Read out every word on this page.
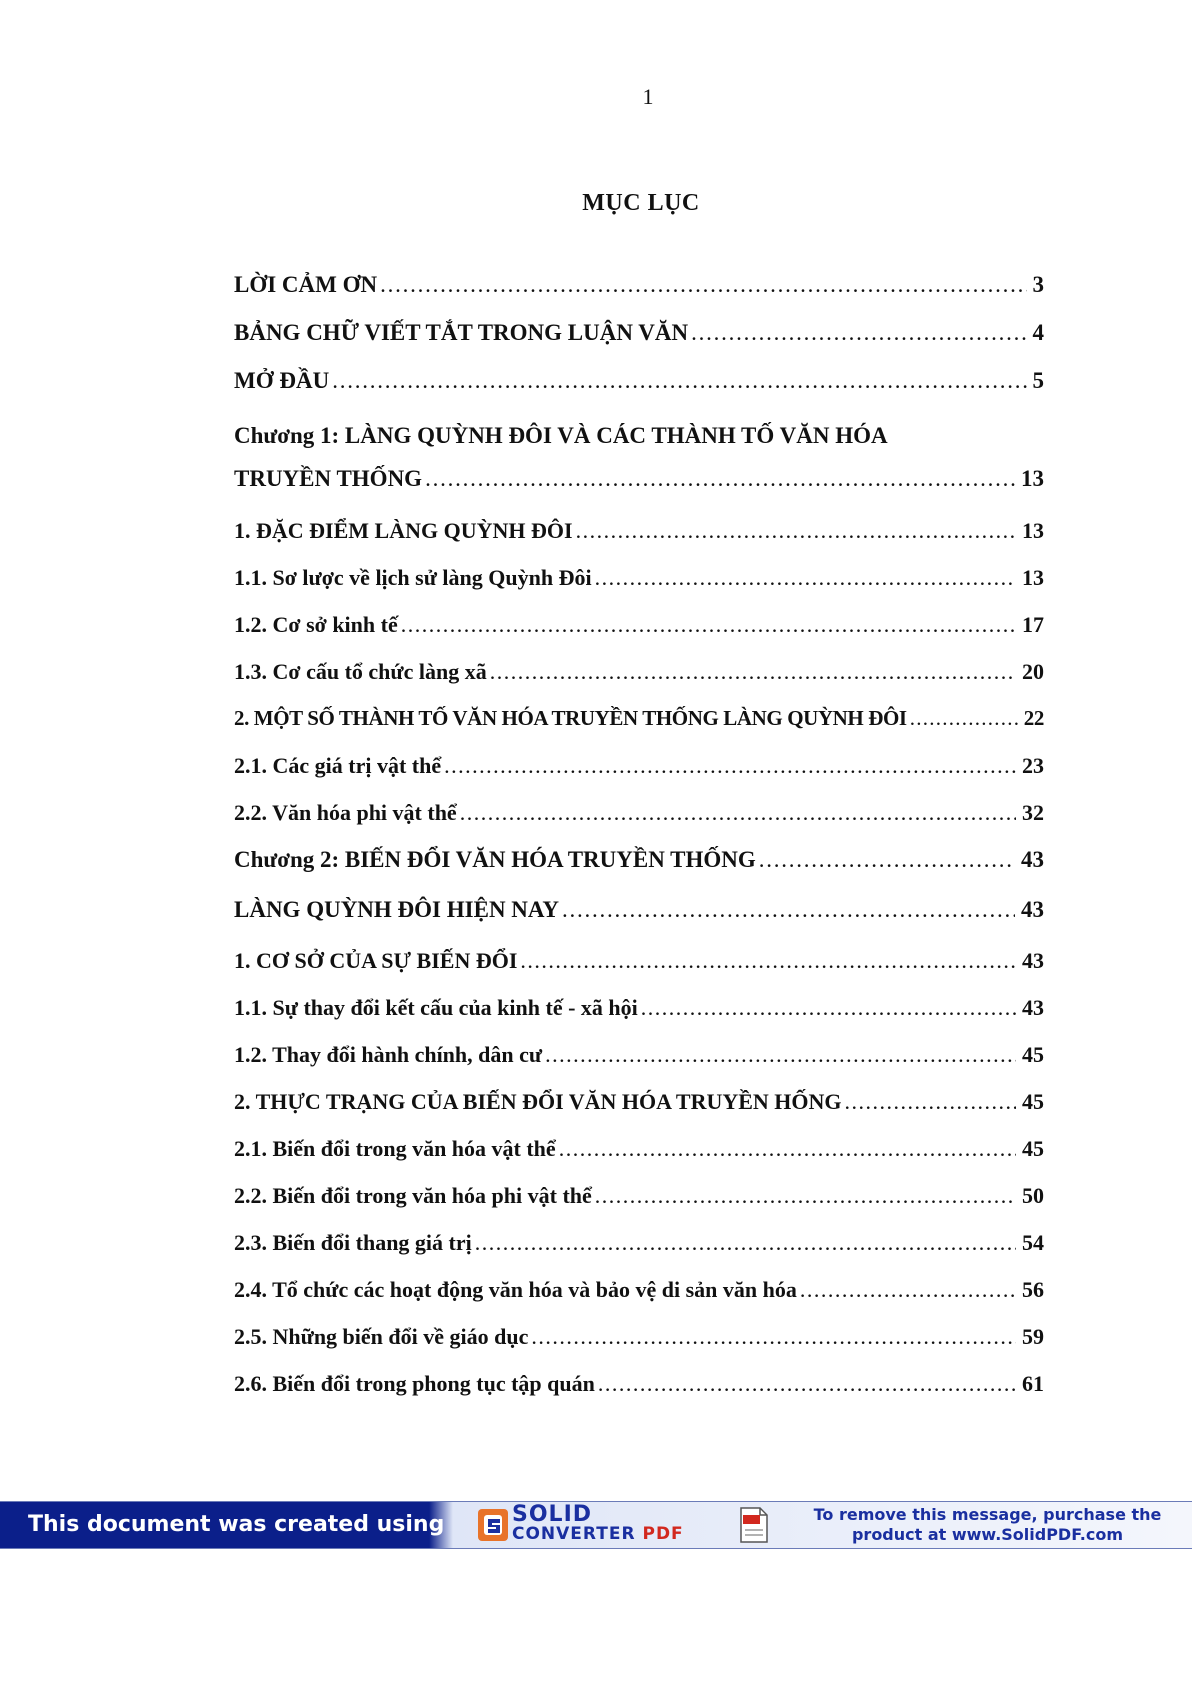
1
MỤC LỤC
LỜI CẢM ƠN . . .	3
BẢNG CHỮ VIẾT TẮT TRONG LUẬN VĂN . . .	4
MỞ ĐẦU . . .	5
Chương 1: LÀNG QUỲNH ĐÔI VÀ CÁC THÀNH TỐ VĂN HÓA
TRUYỀN THỐNG . . .	13
1. ĐẶC ĐIỂM LÀNG QUỲNH ĐÔI . . .	13
1.1. Sơ lược về lịch sử làng Quỳnh Đôi . . .	13
1.2. Cơ sở kinh tế . . .	17
1.3. Cơ cấu tổ chức làng xã . . .	20
2. MỘT SỐ THÀNH TỐ VĂN HÓA TRUYỀN THỐNG LÀNG QUỲNH ĐÔI . . .	22
2.1. Các giá trị vật thể . . .	23
2.2. Văn hóa phi vật thể . . .	32
Chương 2: BIẾN ĐỔI VĂN HÓA TRUYỀN THỐNG . . .	43
LÀNG QUỲNH ĐÔI HIỆN NAY . . .	43
1. CƠ SỞ CỦA SỰ BIẾN ĐỔI . . .	43
1.1. Sự thay đổi kết cấu của kinh tế - xã hội . . .	43
1.2. Thay đổi hành chính, dân cư . . .	45
2. THỰC TRẠNG CỦA BIẾN ĐỔI VĂN HÓA TRUYỀN HỐNG . . .	45
2.1. Biến đổi trong văn hóa vật thể . . .	45
2.2. Biến đổi trong văn hóa phi vật thể . . .	50
2.3. Biến đổi thang giá trị . . .	54
2.4. Tổ chức các hoạt động văn hóa và bảo vệ di sản văn hóa . . .	56
2.5. Những biến đổi về giáo dục . . .	59
2.6. Biến đổi trong phong tục tập quán . . .	61
This document was created using	SOLID
CONVERTER PDF
To remove this message, purchase the
product at www.SolidPDF.com
